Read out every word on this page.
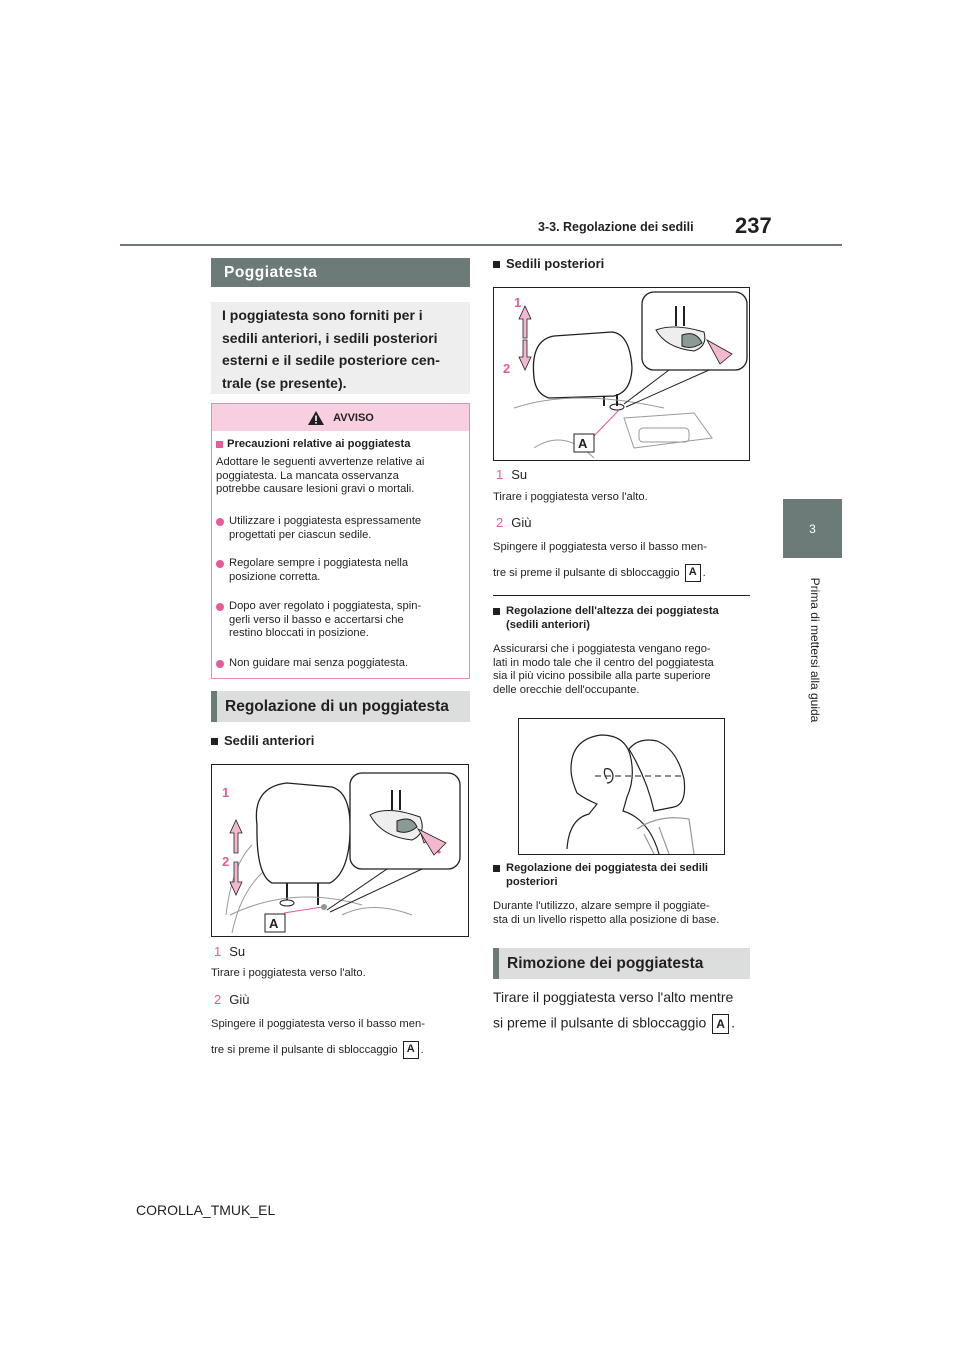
237
3-3. Regolazione dei sedili
3
Prima di mettersi alla guida
Poggiatesta
I poggiatesta sono forniti per i
sedili anteriori, i sedili posteriori
esterni e il sedile posteriore cen-
trale (se presente).
AVVISO
Precauzioni relative ai poggiatesta
Adottare le seguenti avvertenze relative ai
poggiatesta. La mancata osservanza
potrebbe causare lesioni gravi o mortali.
Utilizzare i poggiatesta espressamente
progettati per ciascun sedile.
Regolare sempre i poggiatesta nella
posizione corretta.
Dopo aver regolato i poggiatesta, spin-
gerli verso il basso e accertarsi che
restino bloccati in posizione.
Non guidare mai senza poggiatesta.
Regolazione di un poggiatesta
Sedili anteriori
1
2
A
1 Su
Tirare i poggiatesta verso l'alto.
2 Giù
Spingere il poggiatesta verso il basso men-
tre si preme il pulsante di sbloccaggio A .
Sedili posteriori
1
2
A
1 Su
Tirare i poggiatesta verso l'alto.
2 Giù
Spingere il poggiatesta verso il basso men-
tre si preme il pulsante di sbloccaggio A .
Regolazione dell'altezza dei poggiatesta
(sedili anteriori)
Assicurarsi che i poggiatesta vengano rego-
lati in modo tale che il centro del poggiatesta
sia il più vicino possibile alla parte superiore
delle orecchie dell'occupante.
Regolazione dei poggiatesta dei sedili
posteriori
Durante l'utilizzo, alzare sempre il poggiate-
sta di un livello rispetto alla posizione di base.
Rimozione dei poggiatesta
Tirare il poggiatesta verso l'alto mentre
si preme il pulsante di sbloccaggio A .
COROLLA_TMUK_EL
